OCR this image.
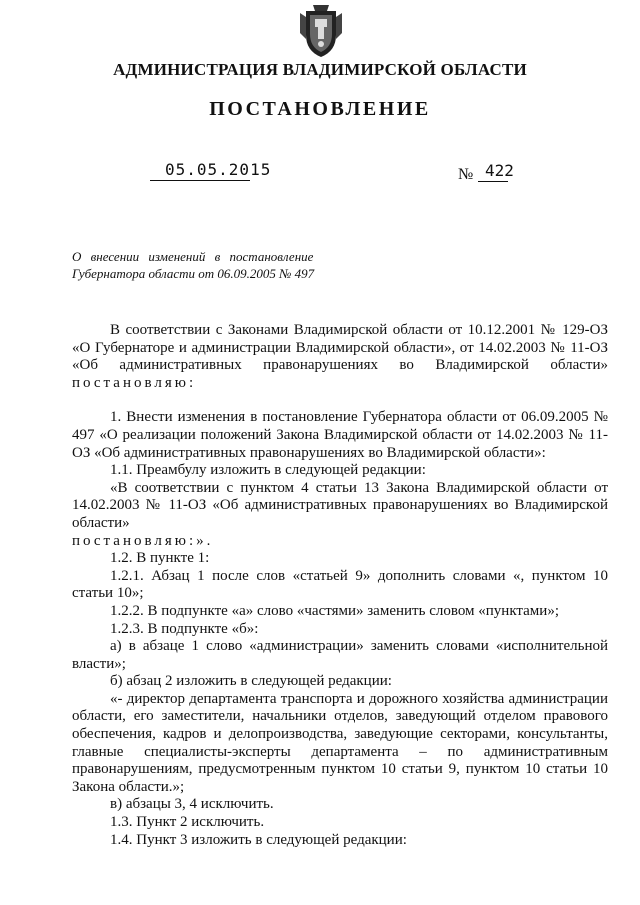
АДМИНИСТРАЦИЯ ВЛАДИМИРСКОЙ ОБЛАСТИ
ПОСТАНОВЛЕНИЕ
05.05.2015	№ 422
О внесении изменений в постановление
Губернатора области от 06.09.2005 № 497

В соответствии с Законами Владимирской области от 10.12.2001 № 129-ОЗ «О Губернаторе и администрации Владимирской области», от 14.02.2003 № 11-ОЗ «Об административных правонарушениях во Владимирской области»

постановляю:

1. Внести изменения в постановление Губернатора области от 06.09.2005 № 497 «О реализации положений Закона Владимирской области от 14.02.2003 № 11-ОЗ «Об административных правонарушениях во Владимирской области»:

1.1. Преамбулу изложить в следующей редакции:

«В соответствии с пунктом 4 статьи 13 Закона Владимирской области от 14.02.2003 № 11-ОЗ «Об административных правонарушениях во Владимирской области»

постановляю:».

1.2. В пункте 1:

1.2.1. Абзац 1 после слов «статьей 9» дополнить словами «, пунктом 10 статьи 10»;

1.2.2. В подпункте «а» слово «частями» заменить словом «пунктами»;

1.2.3. В подпункте «б»:

а) в абзаце 1 слово «администрации» заменить словами «исполнительной власти»;

б) абзац 2 изложить в следующей редакции:

«- директор департамента транспорта и дорожного хозяйства администрации области, его заместители, начальники отделов, заведующий отделом правового обеспечения, кадров и делопроизводства, заведующие секторами, консультанты, главные специалисты-эксперты департамента – по административным правонарушениям, предусмотренным пунктом 10 статьи 9, пунктом 10 статьи 10 Закона области.»;

в) абзацы 3, 4 исключить.

1.3. Пункт 2 исключить.

1.4. Пункт 3 изложить в следующей редакции:
